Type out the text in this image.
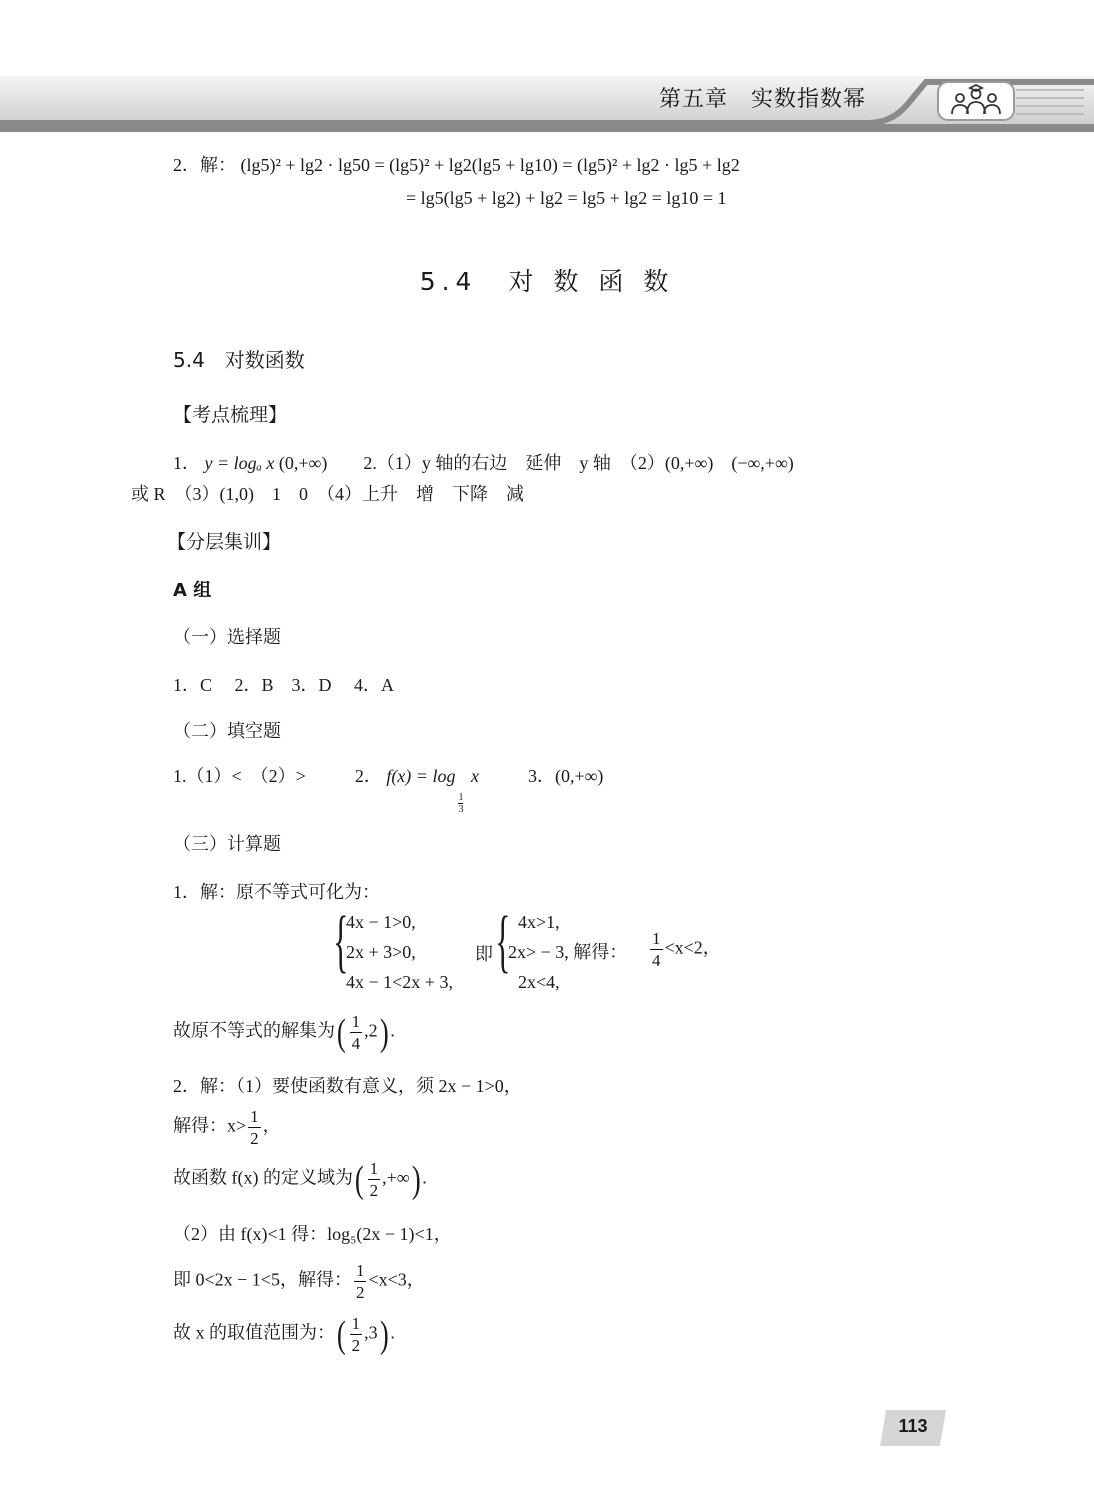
第五章　实数指数幂
2．解： (lg5)² + lg2 · lg50 = (lg5)² + lg2(lg5 + lg10) = (lg5)² + lg2 · lg5 + lg2
= lg5(lg5 + lg2) + lg2 = lg5 + lg2 = lg10 = 1
5.4　对 数 函 数
5.4　对数函数
【考点梳理】
1． y = logₐ x (0,+∞)　　2.（1）y 轴的右边　延伸　y 轴　（2）(0,+∞)　(−∞,+∞)
或 R　（3）(1,0)　1　0　（4）上升　增　下降　减
【分层集训】
A 组
（一）选择题
1．C　 2．B　3．D　 4．A
（二）填空题
1.（1）<　（2）>	2． f(x) = log
$\frac{1}{3}$
x	3．(0,+∞)
（三）计算题
1．解：原不等式可化为：
{
4x − 1>0,
2x + 3>0,
4x − 1<2x + 3,
即 { 4x>1,
2x> − 3, 解得：
2x<4,
$\frac{1}{4} <x<2$，
故原不等式的解集为( $\frac{1}{4} ,2$) .
2．解：（1）要使函数有意义，须 2x − 1>0，
解得：$x> \frac{1}{2}$ ，
故函数 f(x) 的定义域为( $\frac{1}{2}$ ,+∞) .
（2）由 f(x)<1 得：log₅(2x − 1)<1，
即 0<2x − 1<5，解得： $\frac{1}{2} <x<3$，
故 x 的取值范围为：( $\frac{1}{2} ,3$) .
113
